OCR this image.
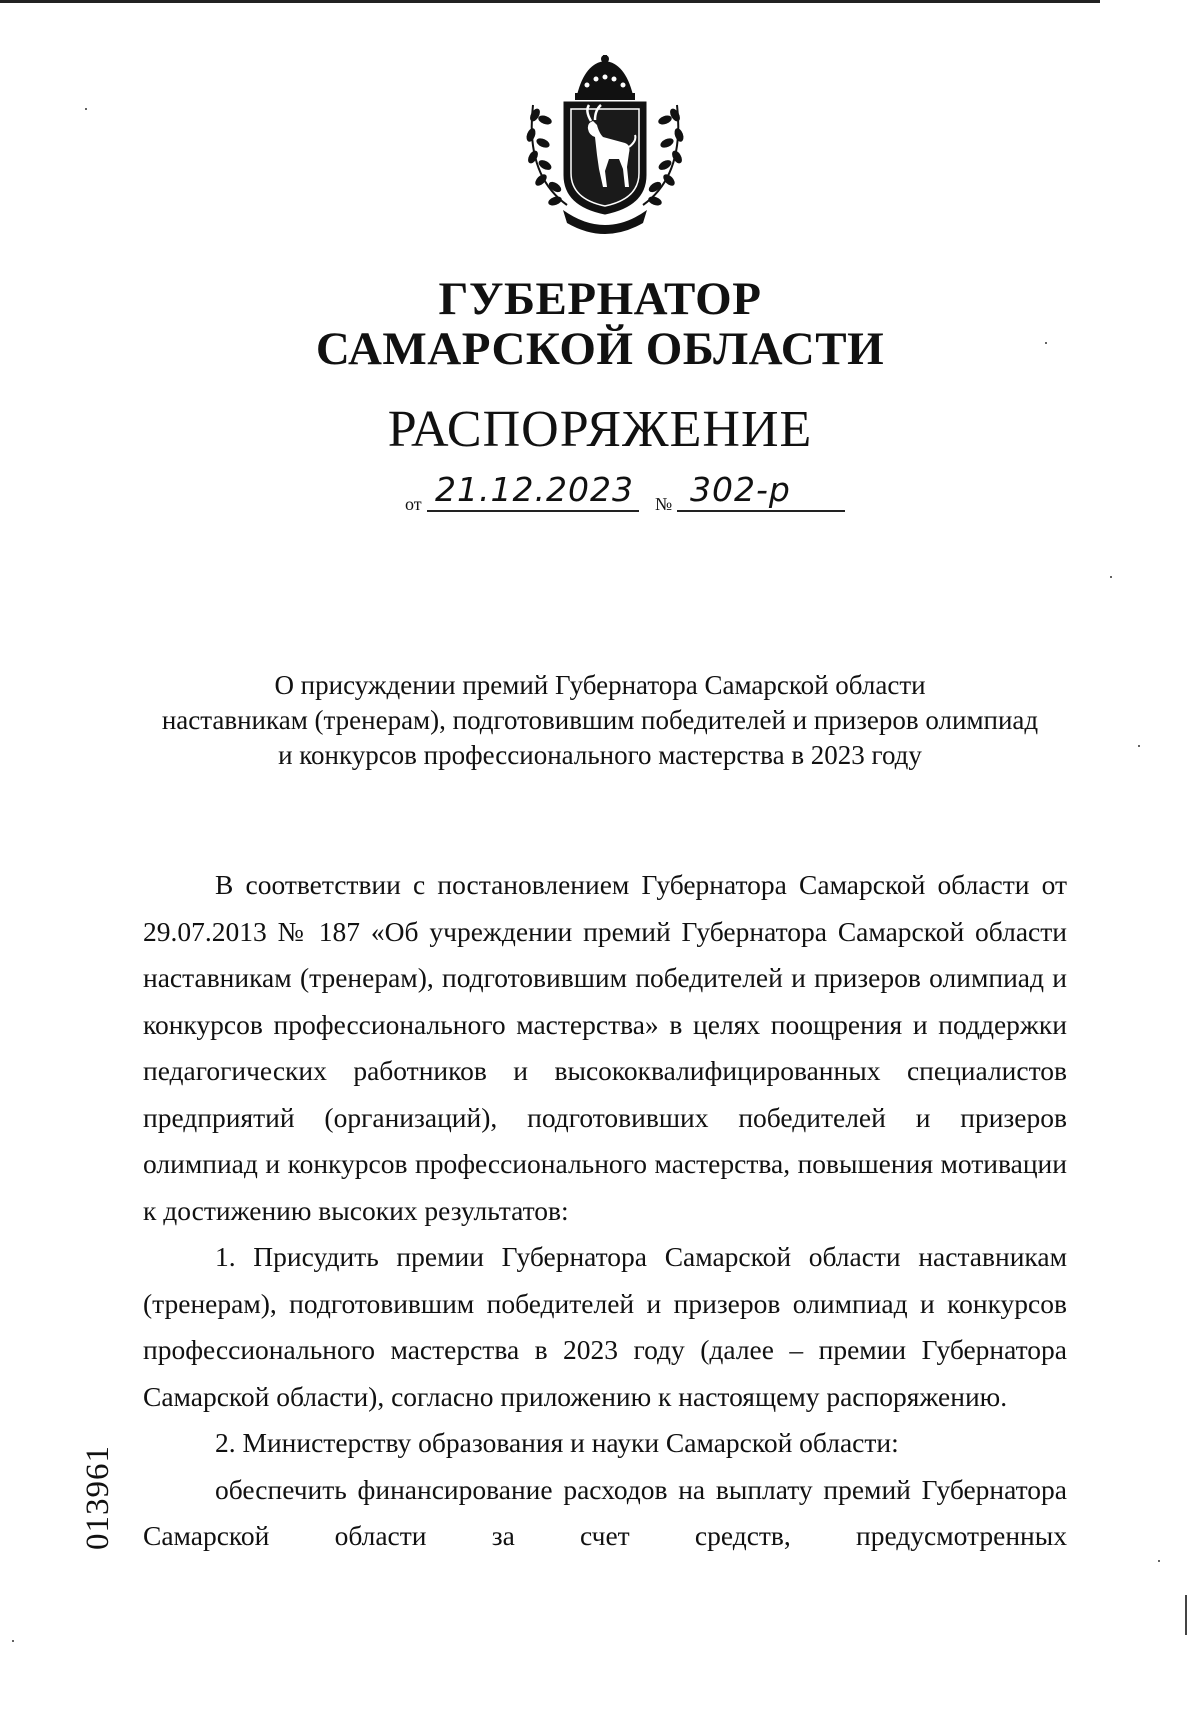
ГУБЕРНАТОР
САМАРСКОЙ ОБЛАСТИ
РАСПОРЯЖЕНИЕ
от 21.12.2023 № 302-р
О присуждении премий Губернатора Самарской области
наставникам (тренерам), подготовившим победителей и призеров олимпиад
и конкурсов профессионального мастерства в 2023 году

В соответствии с постановлением Губернатора Самарской области от 29.07.2013 № 187 «Об учреждении премий Губернатора Самарской области наставникам (тренерам), подготовившим победителей и призеров олимпиад и конкурсов профессионального мастерства» в целях поощрения и поддержки педагогических работников и высококвалифицированных специалистов предприятий (организаций), подготовивших победителей и призеров олимпиад и конкурсов профессионального мастерства, повышения мотивации к достижению высоких результатов:

1. Присудить премии Губернатора Самарской области наставникам (тренерам), подготовившим победителей и призеров олимпиад и конкурсов профессионального мастерства в 2023 году (далее – премии Губернатора Самарской области), согласно приложению к настоящему распоряжению.

2. Министерству образования и науки Самарской области:

обеспечить финансирование расходов на выплату премий Губернатора Самарской области за счет средств, предусмотренных

013961
